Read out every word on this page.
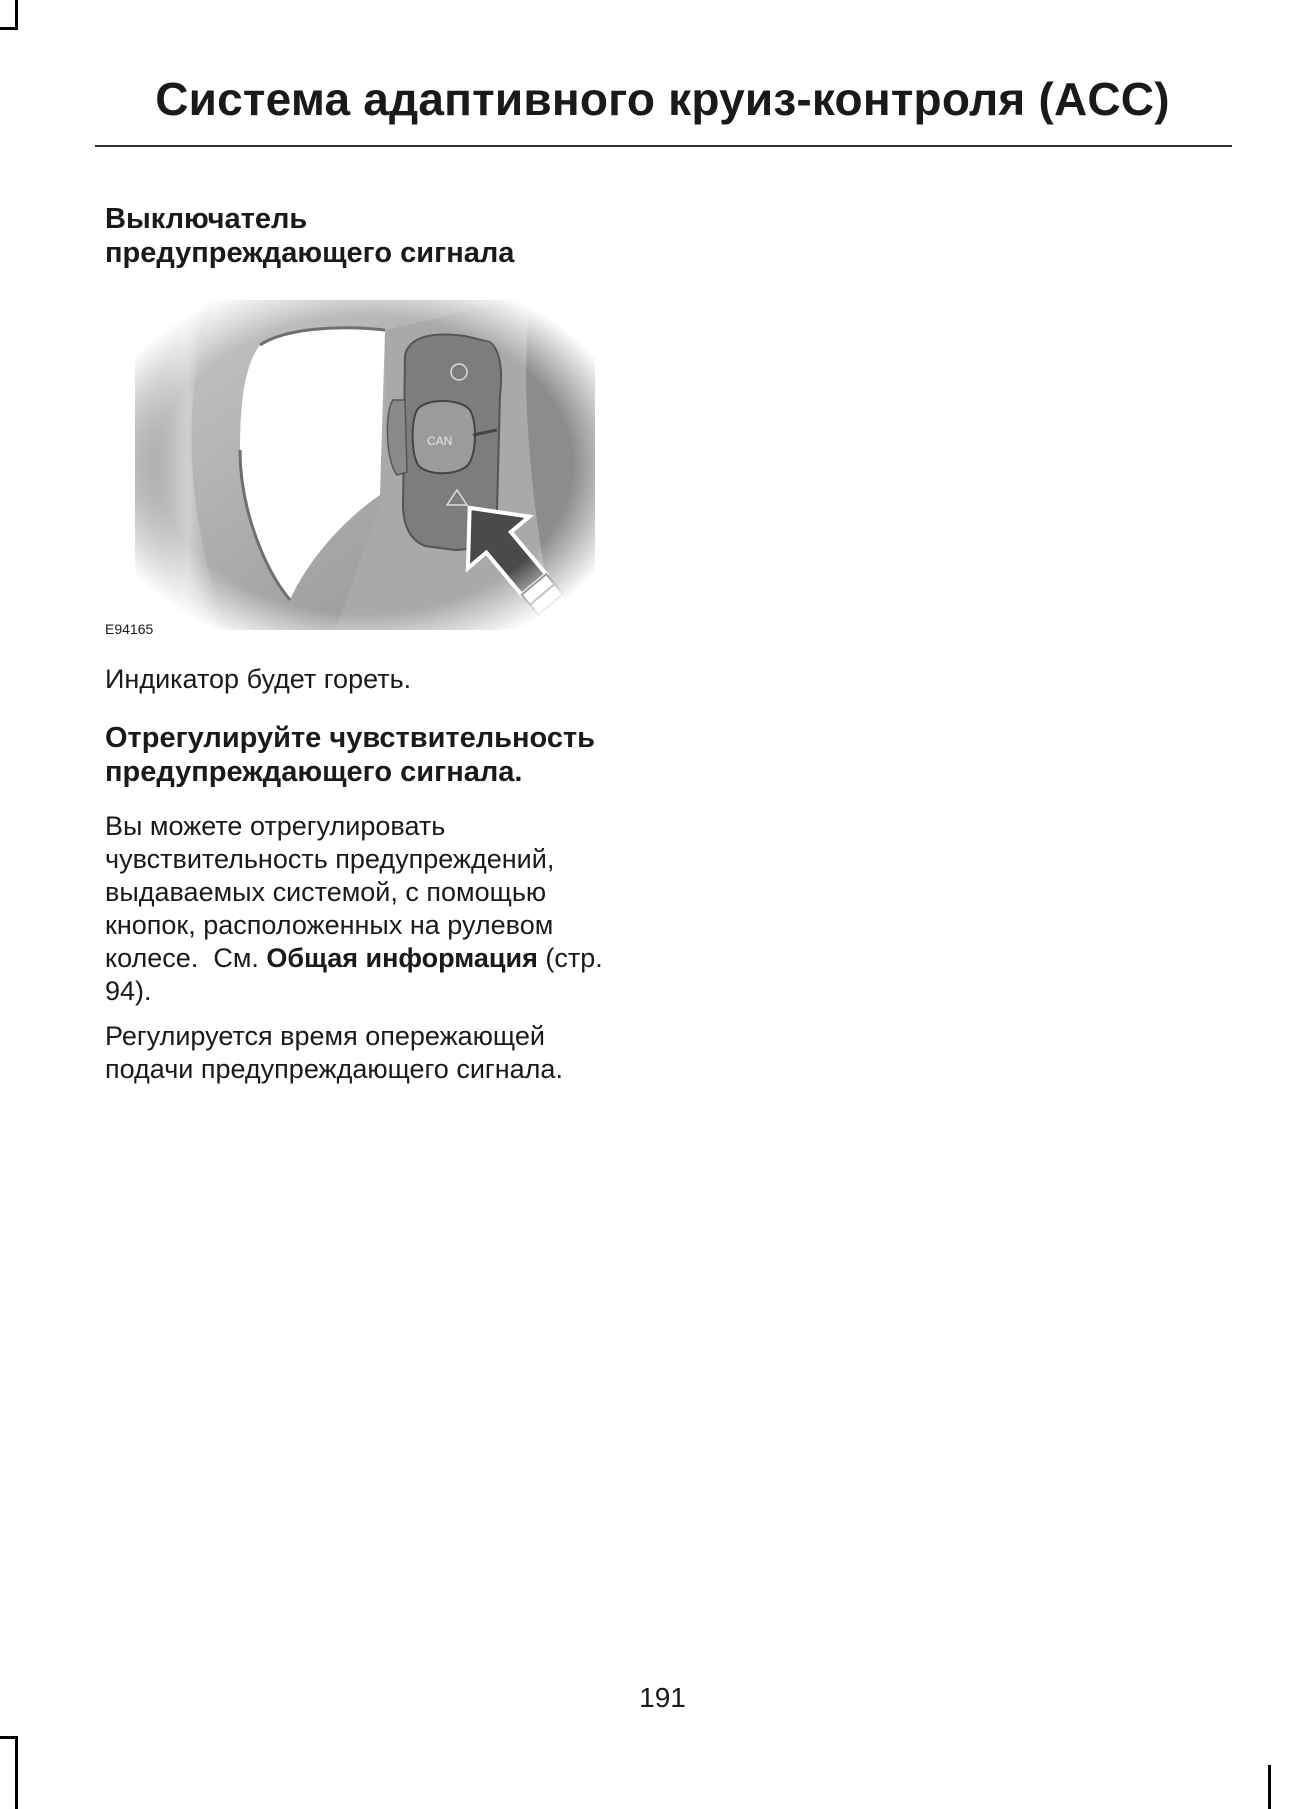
Система адаптивного круиз-контроля (ACC)
Выключатель
предупреждающего сигнала
E94165

Индикатор будет гореть.

Отрегулируйте чувствительность
предупреждающего сигнала.

Вы можете отрегулировать
чувствительность предупреждений,
выдаваемых системой, с помощью
кнопок, расположенных на рулевом
колесе.  См. Общая информация (стр.
94).

Регулируется время опережающей
подачи предупреждающего сигнала.

191
